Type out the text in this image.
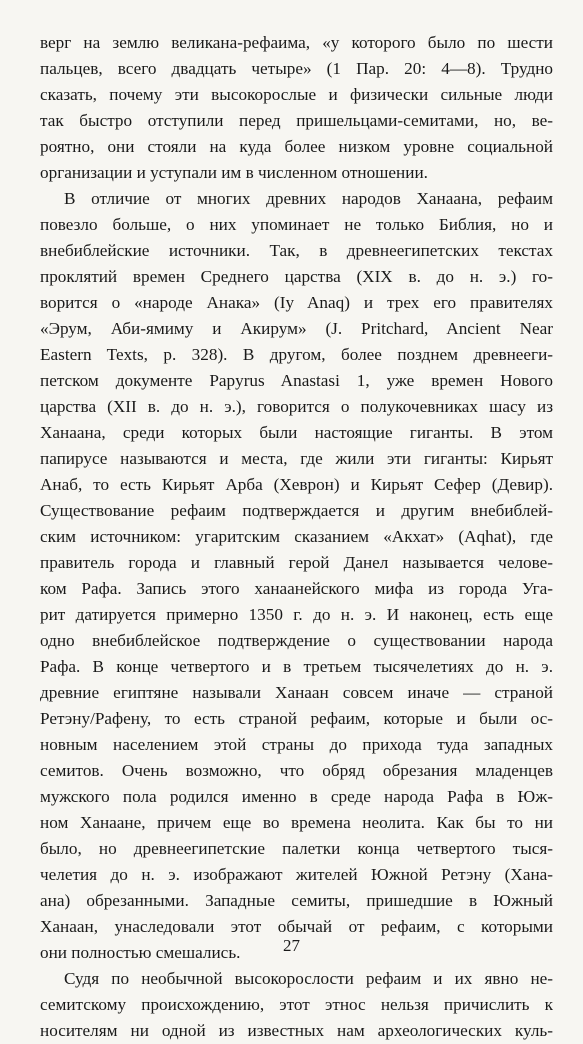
верг на землю великана-рефаима, «у которого было по шести
пальцев, всего двадцать четыре» (1 Пар. 20: 4—8). Трудно
сказать, почему эти высокорослые и физически сильные люди
так быстро отступили перед пришельцами-семитами, но, ве-
роятно, они стояли на куда более низком уровне социальной
организации и уступали им в численном отношении.
В отличие от многих древних народов Ханаана, рефаим
повезло больше, о них упоминает не только Библия, но и
внебиблейские источники. Так, в древнеегипетских текстах
проклятий времен Среднего царства (XIX в. до н. э.) го-
ворится о «народе Анака» (Iy Anaq) и трех его правителях
«Эрум, Аби-ямиму и Акирум» (J. Pritchard, Ancient Near
Eastern Texts, p. 328). В другом, более позднем древнееги-
петском документе Papyrus Anastasi 1, уже времен Нового
царства (XII в. до н. э.), говорится о полукочевниках шасу из
Ханаана, среди которых были настоящие гиганты. В этом
папирусе называются и места, где жили эти гиганты: Кирьят
Анаб, то есть Кирьят Арба (Хеврон) и Кирьят Сефер (Девир).
Существование рефаим подтверждается и другим внебиблей-
ским источником: угаритским сказанием «Акхат» (Aqhat), где
правитель города и главный герой Данел называется челове-
ком Рафа. Запись этого ханаанейского мифа из города Уга-
рит датируется примерно 1350 г. до н. э. И наконец, есть еще
одно внебиблейское подтверждение о существовании народа
Рафа. В конце четвертого и в третьем тысячелетиях до н. э.
древние египтяне называли Ханаан совсем иначе — страной
Ретэну/Рафену, то есть страной рефаим, которые и были ос-
новным населением этой страны до прихода туда западных
семитов. Очень возможно, что обряд обрезания младенцев
мужского пола родился именно в среде народа Рафа в Юж-
ном Ханаане, причем еще во времена неолита. Как бы то ни
было, но древнеегипетские палетки конца четвертого тыся-
челетия до н. э. изображают жителей Южной Ретэну (Хана-
ана) обрезанными. Западные семиты, пришедшие в Южный
Ханаан, унаследовали этот обычай от рефаим, с которыми
они полностью смешались.
Судя по необычной высокорослости рефаим и их явно не-
семитскому происхождению, этот этнос нельзя причислить к
носителям ни одной из известных нам археологических куль-
27
